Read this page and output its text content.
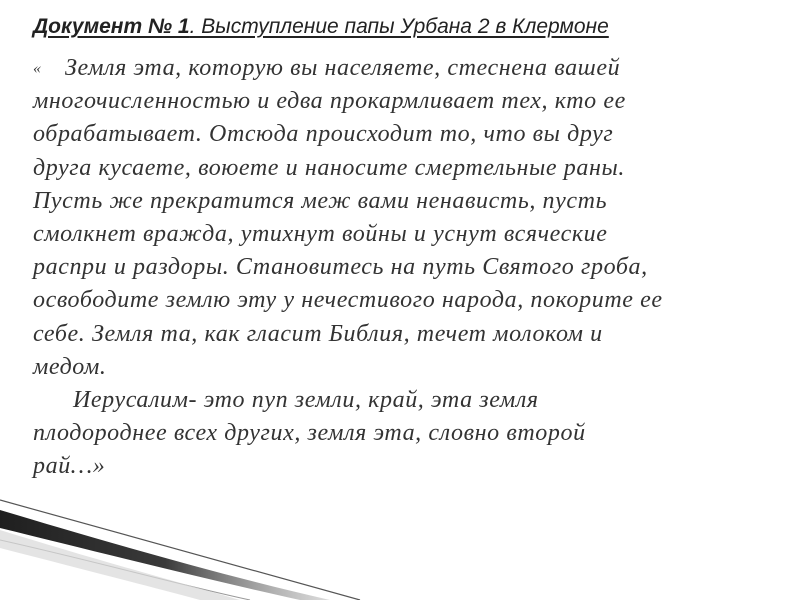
Документ № 1. Выступление папы Урбана 2 в Клермоне
« Земля эта, которую вы населяете, стеснена вашей
многочисленностью и едва прокармливает тех, кто ее
обрабатывает. Отсюда происходит то, что вы друг
друга кусаете, воюете и наносите смертельные раны.
Пусть же прекратится меж вами ненависть, пусть
смолкнет вражда, утихнут войны и уснут всяческие
распри и раздоры. Становитесь на путь Святого гроба,
освободите землю эту у нечестивого народа, покорите ее
себе. Земля та, как гласит Библия, течет молоком и
медом.
Иерусалим- это пуп земли, край, эта земля
плодороднее всех других, земля эта, словно второй
рай…»
